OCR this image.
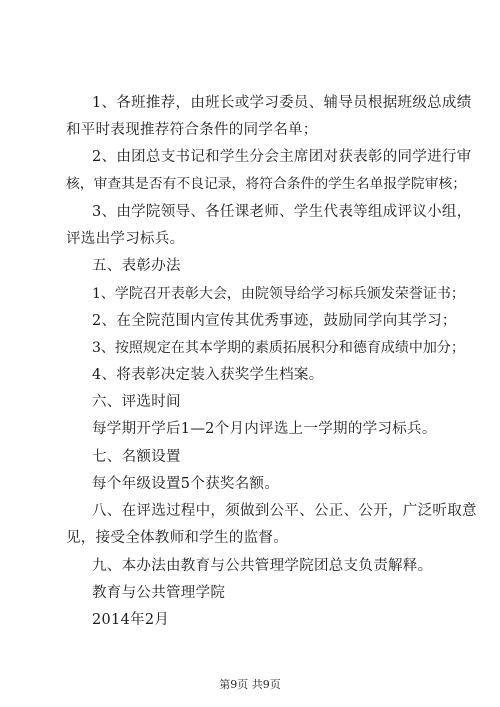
1、各班推荐，由班长或学习委员、辅导员根据班级总成绩
和平时表现推荐符合条件的同学名单；
2、由团总支书记和学生分会主席团对获表彰的同学进行审
核，审查其是否有不良记录，将符合条件的学生名单报学院审核；
3、由学院领导、各任课老师、学生代表等组成评议小组，
评选出学习标兵。
五、表彰办法
1、学院召开表彰大会，由院领导给学习标兵颁发荣誉证书；
2、在全院范围内宣传其优秀事迹，鼓励同学向其学习；
3、按照规定在其本学期的素质拓展积分和德育成绩中加分；
4、将表彰决定装入获奖学生档案。
六、评选时间
每学期开学后1—2个月内评选上一学期的学习标兵。
七、名额设置
每个年级设置5个获奖名额。
八、在评选过程中，须做到公平、公正、公开，广泛听取意
见，接受全体教师和学生的监督。
九、本办法由教育与公共管理学院团总支负责解释。
教育与公共管理学院
2014年2月
第9页 共9页
